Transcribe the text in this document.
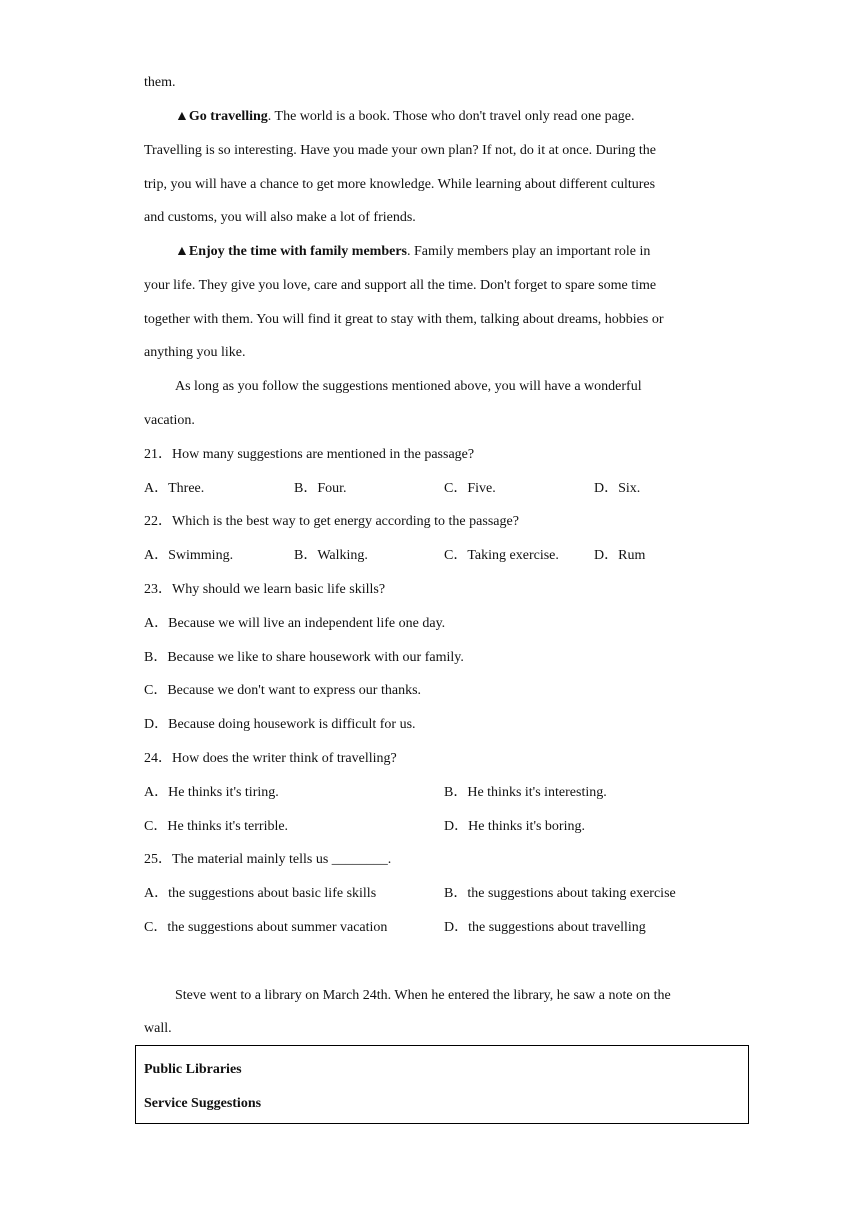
them.
▲Go travelling. The world is a book. Those who don't travel only read one page.
Travelling is so interesting. Have you made your own plan? If not, do it at once. During the
trip, you will have a chance to get more knowledge. While learning about different cultures
and customs, you will also make a lot of friends.
▲Enjoy the time with family members. Family members play an important role in
your life. They give you love, care and support all the time. Don't forget to spare some time
together with them. You will find it great to stay with them, talking about dreams, hobbies or
anything you like.
As long as you follow the suggestions mentioned above, you will have a wonderful
vacation.
21．How many suggestions are mentioned in the passage?
A．Three.	B．Four.	C．Five.	D．Six.
22．Which is the best way to get energy according to the passage?
A．Swimming.	B．Walking.	C．Taking exercise.	D．Rum
23．Why should we learn basic life skills?
A．Because we will live an independent life one day.
B．Because we like to share housework with our family.
C．Because we don't want to express our thanks.
D．Because doing housework is difficult for us.
24．How does the writer think of travelling?
A．He thinks it's tiring.	B．He thinks it's interesting.
C．He thinks it's terrible.	D．He thinks it's boring.
25．The material mainly tells us ________.
A．the suggestions about basic life skills	B．the suggestions about taking exercise
C．the suggestions about summer vacation	D．the suggestions about travelling
Steve went to a library on March 24th. When he entered the library, he saw a note on the
wall.
Public Libraries
Service Suggestions
